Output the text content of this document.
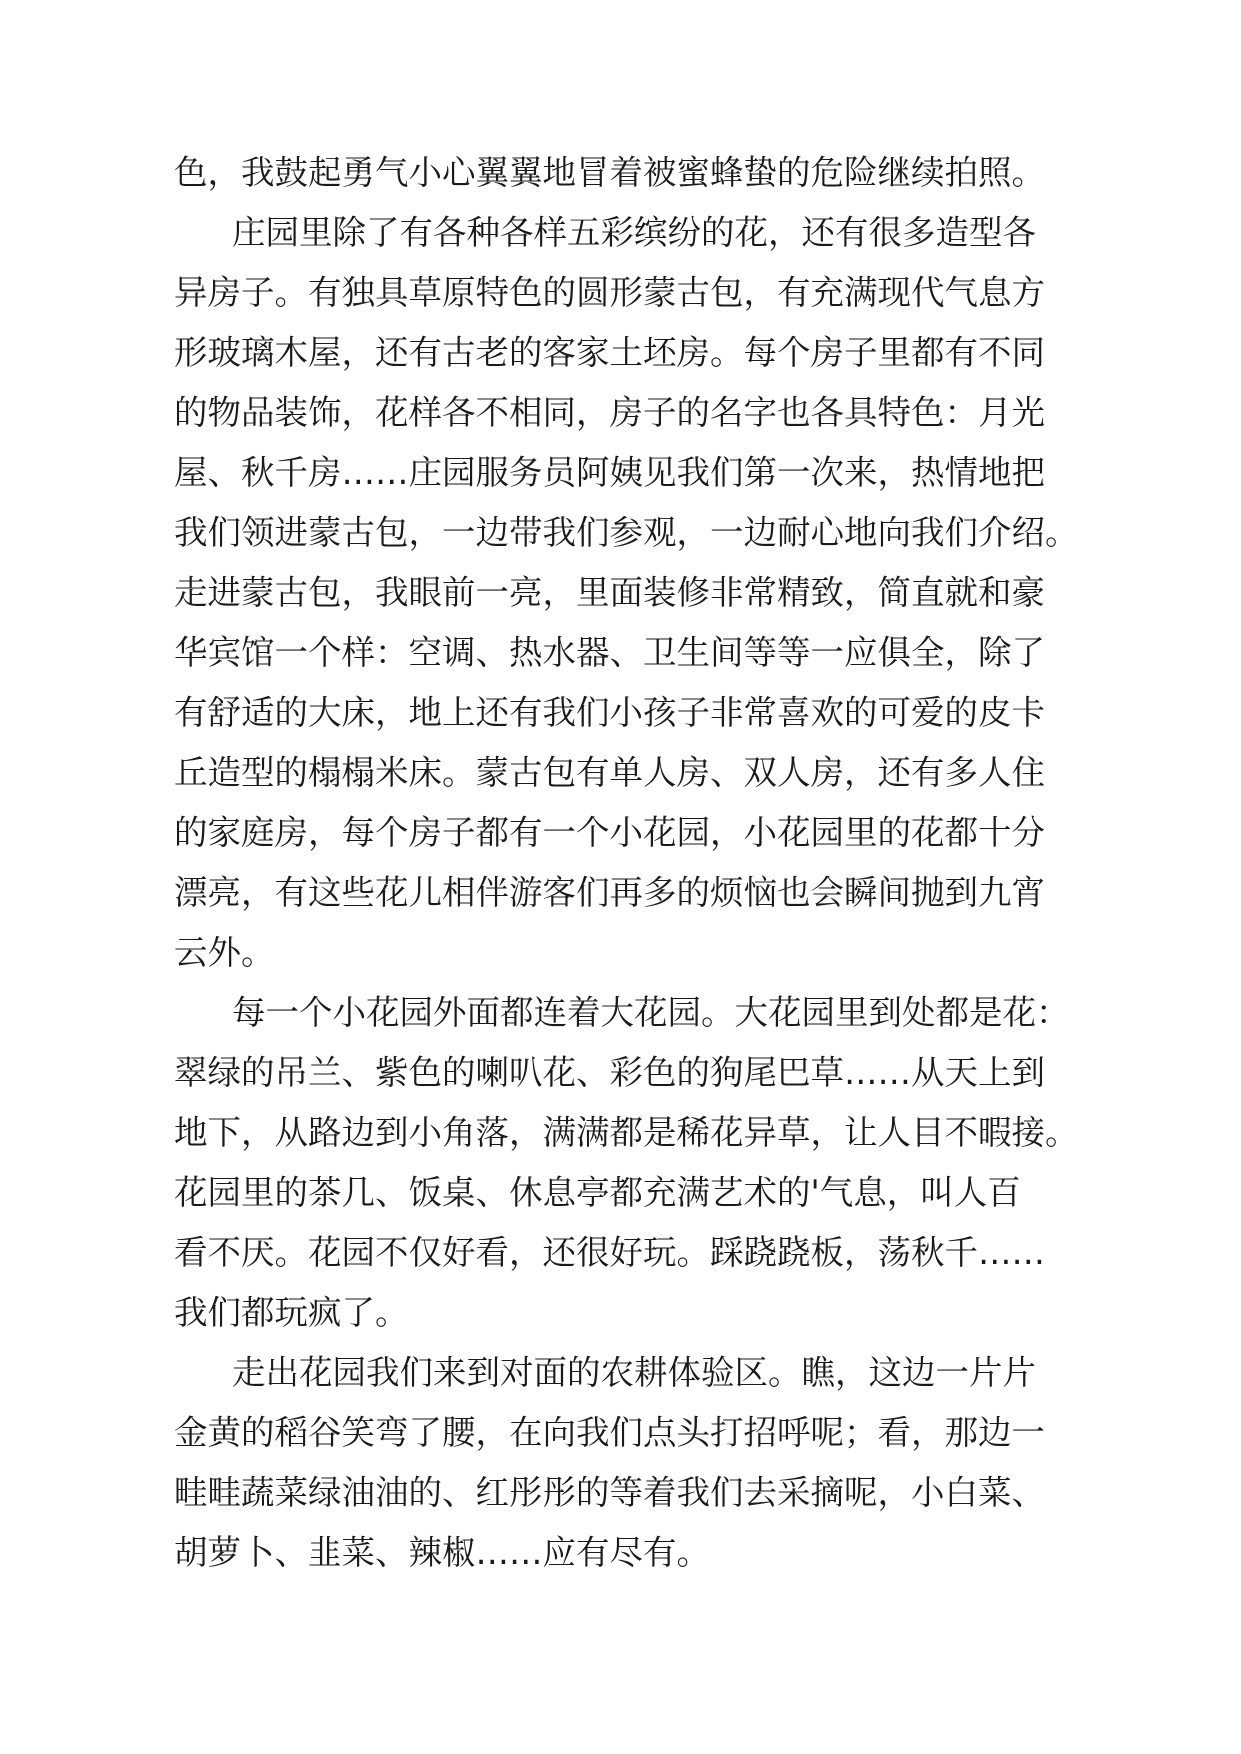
色，我鼓起勇气小心翼翼地冒着被蜜蜂蛰的危险继续拍照。
庄园里除了有各种各样五彩缤纷的花，还有很多造型各
异房子。有独具草原特色的圆形蒙古包，有充满现代气息方
形玻璃木屋，还有古老的客家土坯房。每个房子里都有不同
的物品装饰，花样各不相同，房子的名字也各具特色：月光
屋、秋千房……庄园服务员阿姨见我们第一次来，热情地把
我们领进蒙古包，一边带我们参观，一边耐心地向我们介绍。
走进蒙古包，我眼前一亮，里面装修非常精致，简直就和豪
华宾馆一个样：空调、热水器、卫生间等等一应俱全，除了
有舒适的大床，地上还有我们小孩子非常喜欢的可爱的皮卡
丘造型的榻榻米床。蒙古包有单人房、双人房，还有多人住
的家庭房，每个房子都有一个小花园，小花园里的花都十分
漂亮，有这些花儿相伴游客们再多的烦恼也会瞬间抛到九宵
云外。
每一个小花园外面都连着大花园。大花园里到处都是花：
翠绿的吊兰、紫色的喇叭花、彩色的狗尾巴草……从天上到
地下，从路边到小角落，满满都是稀花异草，让人目不暇接。
花园里的茶几、饭桌、休息亭都充满艺术的'气息，叫人百
看不厌。花园不仅好看，还很好玩。踩跷跷板，荡秋千……
我们都玩疯了。
走出花园我们来到对面的农耕体验区。瞧，这边一片片
金黄的稻谷笑弯了腰，在向我们点头打招呼呢；看，那边一
畦畦蔬菜绿油油的、红彤彤的等着我们去采摘呢，小白菜、
胡萝卜、韭菜、辣椒……应有尽有。
